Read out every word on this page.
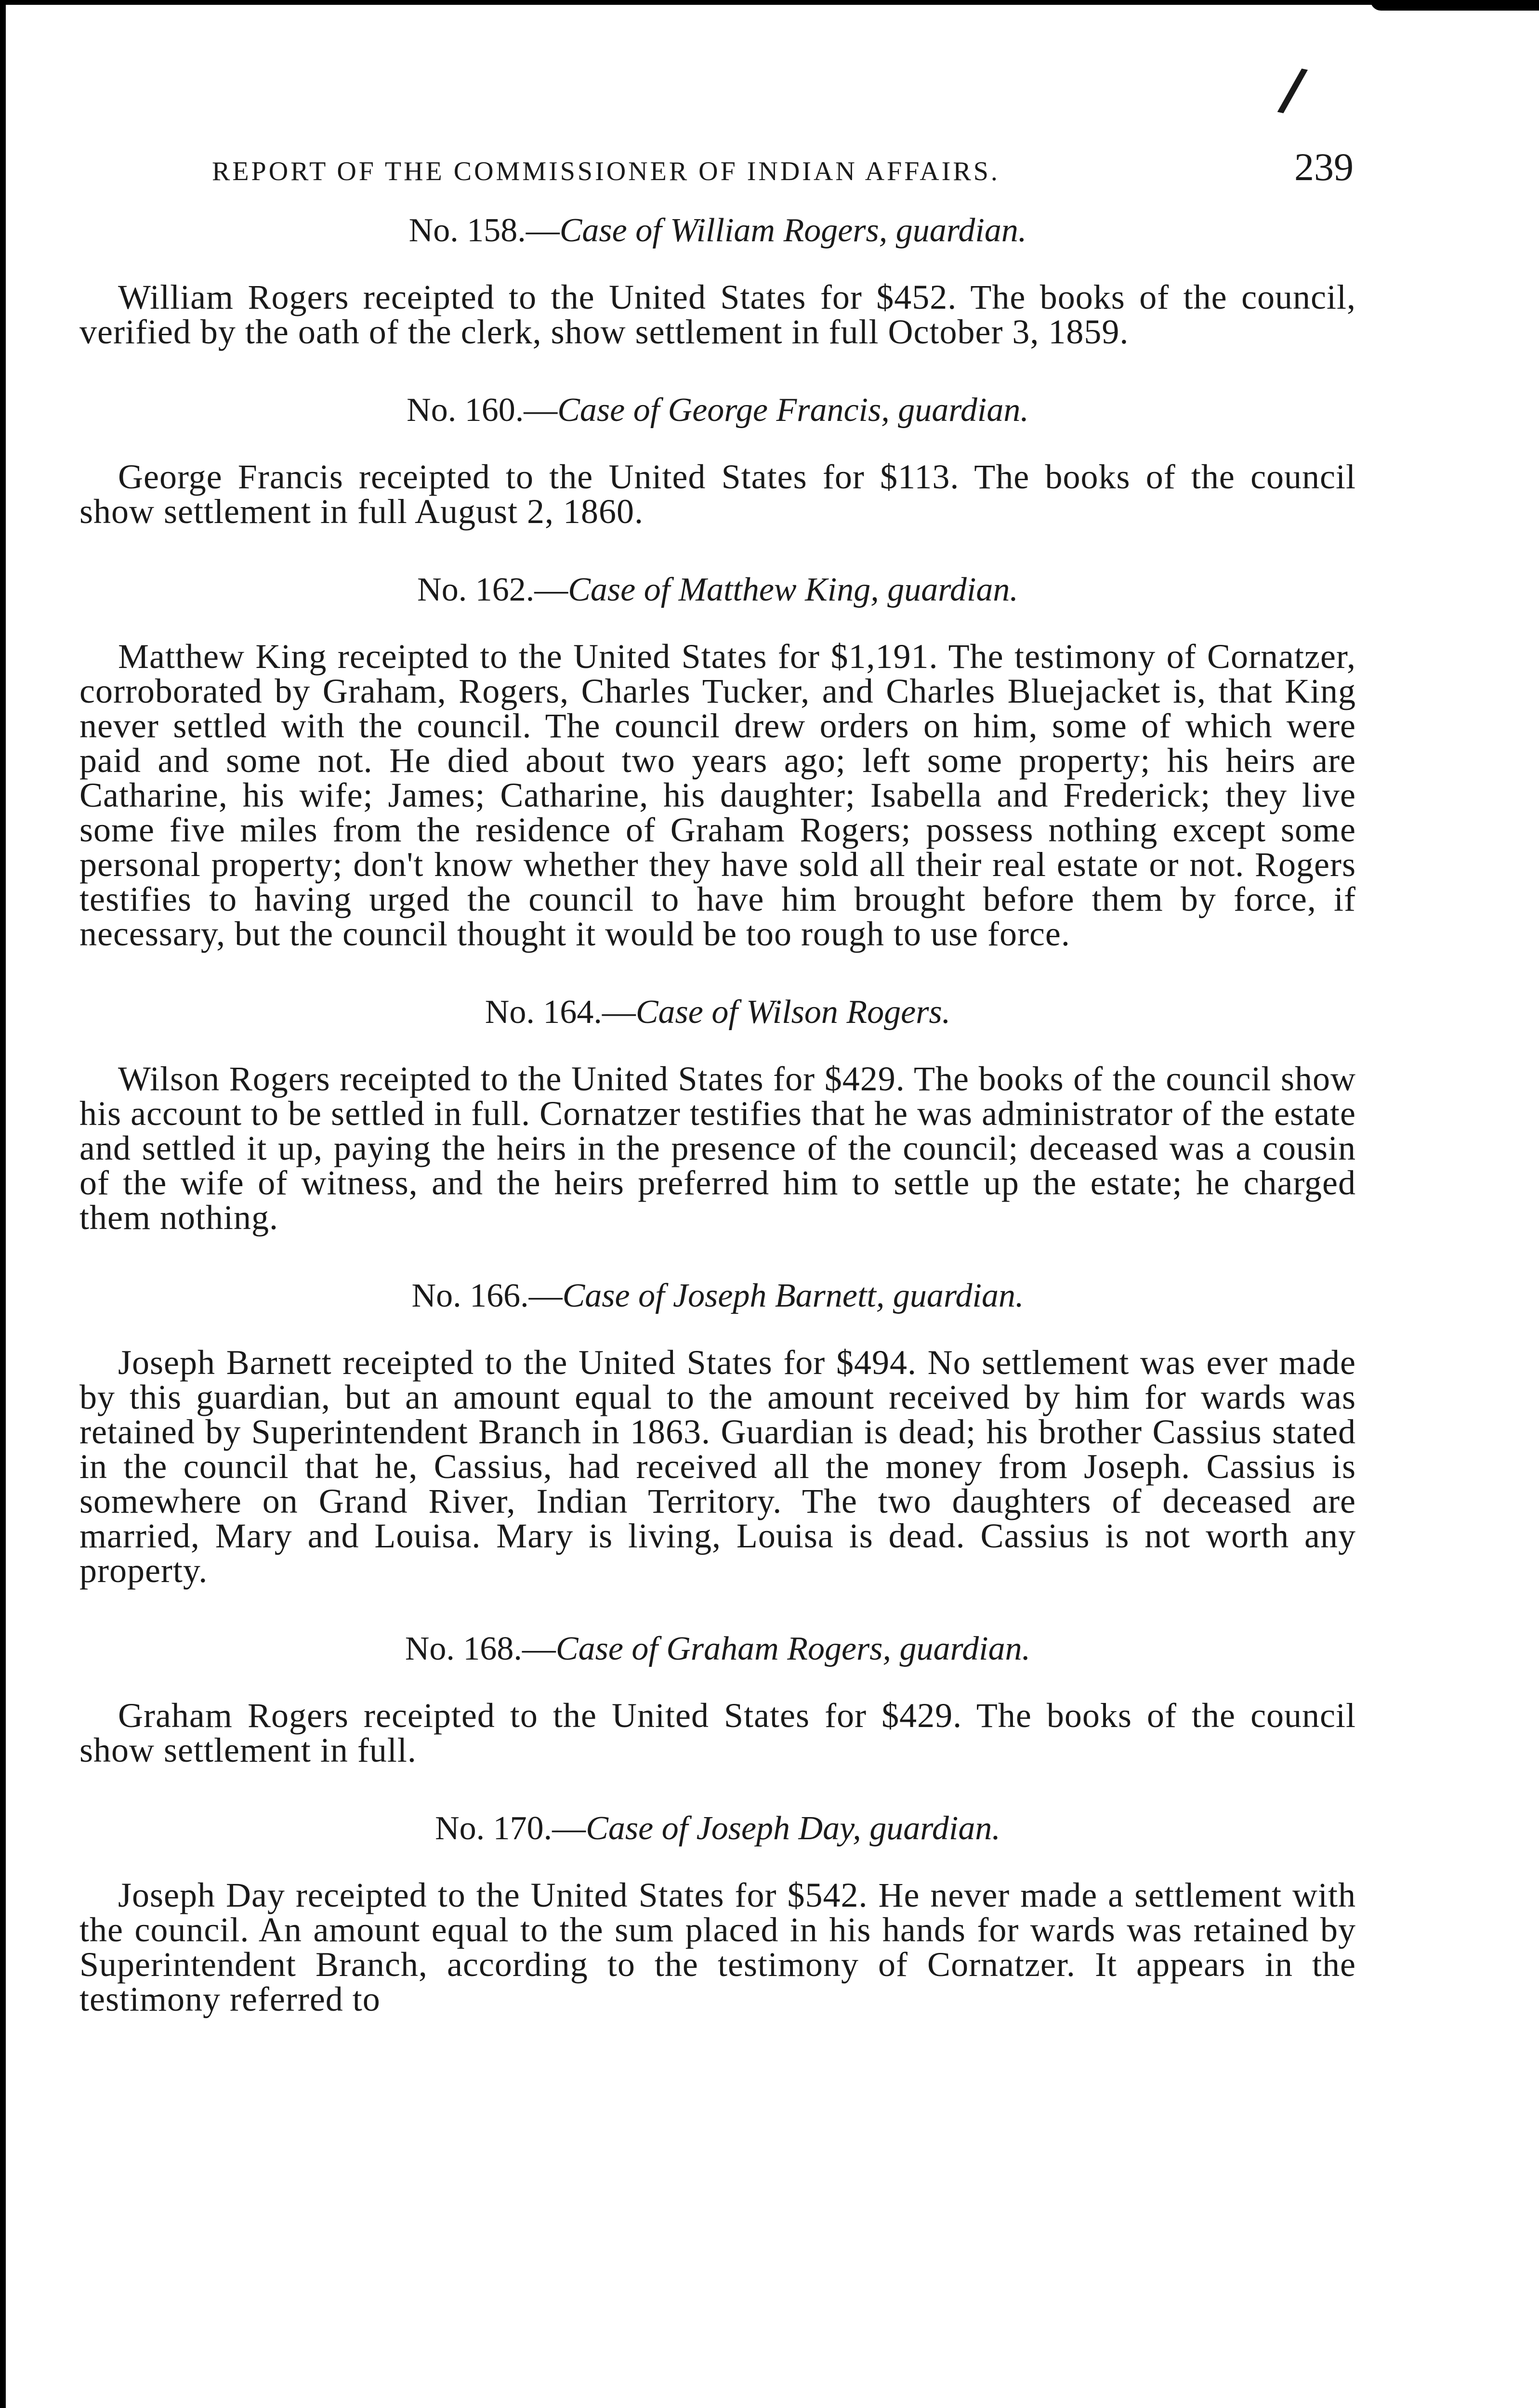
/
REPORT OF THE COMMISSIONER OF INDIAN AFFAIRS.	239
No. 158.—Case of William Rogers, guardian.

William Rogers receipted to the United States for $452. The books of the council, verified by the oath of the clerk, show settlement in full October 3, 1859.

No. 160.—Case of George Francis, guardian.

George Francis receipted to the United States for $113. The books of the council show settlement in full August 2, 1860.

No. 162.—Case of Matthew King, guardian.

Matthew King receipted to the United States for $1,191. The testimony of Cornatzer, corroborated by Graham, Rogers, Charles Tucker, and Charles Bluejacket is, that King never settled with the council. The council drew orders on him, some of which were paid and some not. He died about two years ago; left some property; his heirs are Catharine, his wife; James; Catharine, his daughter; Isabella and Frederick; they live some five miles from the residence of Graham Rogers; possess nothing except some personal property; don't know whether they have sold all their real estate or not. Rogers testifies to having urged the council to have him brought before them by force, if necessary, but the council thought it would be too rough to use force.

No. 164.—Case of Wilson Rogers.

Wilson Rogers receipted to the United States for $429. The books of the council show his account to be settled in full. Cornatzer testifies that he was administrator of the estate and settled it up, paying the heirs in the presence of the council; deceased was a cousin of the wife of witness, and the heirs preferred him to settle up the estate; he charged them nothing.

No. 166.—Case of Joseph Barnett, guardian.

Joseph Barnett receipted to the United States for $494. No settlement was ever made by this guardian, but an amount equal to the amount received by him for wards was retained by Superintendent Branch in 1863. Guardian is dead; his brother Cassius stated in the council that he, Cassius, had received all the money from Joseph. Cassius is somewhere on Grand River, Indian Territory. The two daughters of deceased are married, Mary and Louisa. Mary is living, Louisa is dead. Cassius is not worth any property.

No. 168.—Case of Graham Rogers, guardian.

Graham Rogers receipted to the United States for $429. The books of the council show settlement in full.

No. 170.—Case of Joseph Day, guardian.

Joseph Day receipted to the United States for $542. He never made a settlement with the council. An amount equal to the sum placed in his hands for wards was retained by Superintendent Branch, according to the testimony of Cornatzer. It appears in the testimony referred to
